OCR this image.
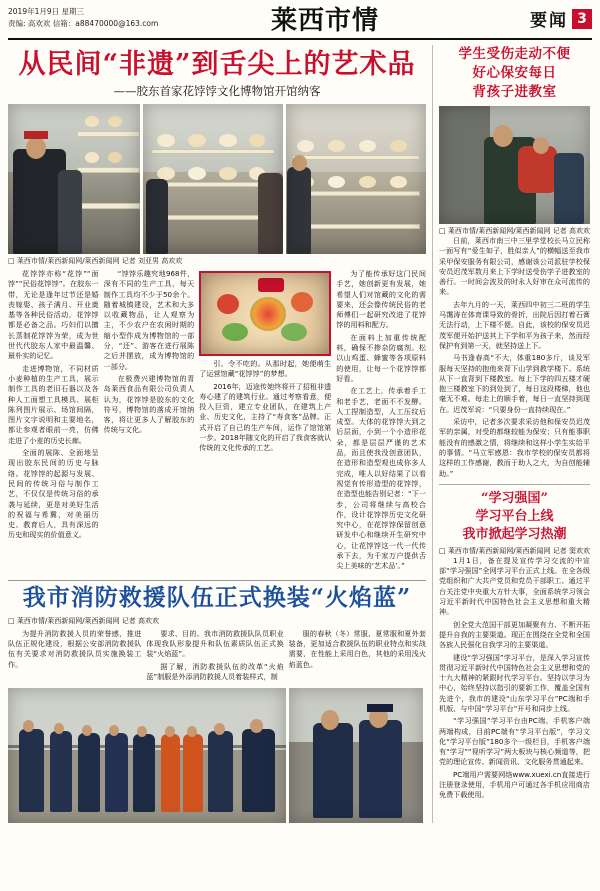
2019年1月9日 星期三
责编: 高欢欢 信箱：a88470000@163.com	莱西市情	要闻 3
从民间“非遗”到舌尖上的艺术品
——胶东首家花饽饽文化博物馆开馆纳客
□ 莱西市情/莱西新闻网/莱西新闻网 记者 刘亚男 高欢欢

花饽饽亦称“花饽”“面饽”“民俗花饽饽”。在胶东一带，无论是逢年过节还是婚丧嫁娶、孩子满月、开业奠基等各种民俗活动，花饽饽都是必备之品。巧妇们以擅长蒸制花饽饽为荣，成为世世代代胶东人家中最温馨、最朴实的记忆。

走进博物馆，不同材质小麦种植的生产工具，展示制作工具的老旧石器以及各种人工面塑工具模具、展柜陈列图片展示、场馆间隔，图片文字说明和主要地名，都让参观者眼前一亮，仿佛走进了小麦的历史长廊。

全面的展陈、全面地呈现出胶东民间的历史与脉络。花饽饽的起源与发展、民间的传统习俗与制作工艺，不仅仅是传统习俗的承袭与延续，更是对美好生活的祝福与希冀，对美丽历史、教育后人，具有深远的历史和现实的价值意义。

“饽饽乐趣究地968件，深有不同的生产工具，每天制作工具均不少于50余个。随着城镇建设，艺术和大多以收藏物品，让人观察为主，不少农户在农闲时期的缩小型作成为博物馆的一部分，“还”、游客在进行展陈之后并摆放，成为博物馆的一部分。

在极费兴建博物馆的青岛莱西食品有限公司负责人认为，花饽饽是胶东的文化符号，博物馆的落成开馆纳客，将让更多人了解胶东的传统与文化。

引、令不吃的。从那时起，她便萌生了运营馆藏“花饽饽”的梦想。

2016年，迈途传她终将开了招租非遗寿心建了的建筑行业。通过考察看意，便投入巨资，建立专业团队，在建筑上产业、历史文化，主持了“寿食客”品牌。正式开启了自己的生产车间，运作了馆馆第一步。2018年随文化的开启了我食客就认传统的文化传承的工艺。

为了能传承好这门民间手艺，她创新更有发展，她希望人们对馆藏的文化的需要来，还会像传统民俗的老师傅们一起研究改进了花饽饽的用料和配方。

在面料上加重传统配料，确保不掺杂防腐剂。松以山鸡蛋、蜂蜜等各项原料的使用，让每一个花饽饽都好看。

在工艺上，传承着手工和老手艺，老面不不发酵。人工捏制造型，人工压纹后成型。大体的花饽饽大到之后层面，小到一个小造形花朵，都是层层严谨的艺术品，而且使我没创意团队，在造形和造型观也成你多人完成，唯人以好结果了以看视觉有传形造型的花饽饽，在造型也能告别记者：“下一步，公司将继续与高校合作，设计花饽饽历史文化研究中心，在花饽饽保留创意研发中心和继续开生研究中心，让花饽饽这一代一代传承下去，为千家万户提供舌尖上美味的‘艺术品’。”

我市消防救援队伍正式换装“火焰蓝”
□ 莱西市情/莱西新闻网/莱西新闻网 记者 高欢欢

为提升消防救援人员的荣誉感，推进队伍正规化建设，根据公安部消防救援队伍有关要求对消防救援队员实施换装工作。

要求、目的。我市消防救援队队员职业体现我队形象提升和队伍素质队伍正式换装“火焰蓝”。

据了解，消防救援队伍的改革“火焰蓝”制服是外添消防救援人员着装样式，制

服的春秋（冬）常服、夏常服和夏外套装备，更加适合救援队伍的职业特点和实战需要，在性能上采用白色，其他的采用浅火焰蓝色。

学生受伤走动不便
好心保安每日
背孩子进教室
□ 莱西市情/莱西新闻网/莱西新闻网 记者 高欢欢

日前，莱西市南三中三里学堂校长马立民称一面写有“爱生如子，胜似亲人”的横幅送至我市采甲保安服务有限公司，感谢该公司派驻学校保安员迟茂军数月来上下学时送受伤学子进教室的善行。一时间会波及的时永人好审在众可流传的来。

去年九月的一天，莱西四中初三二班的学生马霭涛在体育课导致的骨折，出院后因打着石膏无法行动，上下楼不便。自此，该校的保安员迟茂军便开始护送其上下学和平为孩子来，然而经保护有到第一天，就坚持送上下。

马书逢春高“不大，体重180多斤，谈及军服每天坚持的抱他来背下山学到教学楼下。系统从下一直背到下楼教室。每上下学的四五楼才硬抱三楼教室下的到处到了，每日这段楼梯，他也毫无不难。每走上的顺手着，每日一直坚持到现在。迟茂军说：“只要身份一直持续现在。”

采访中，记者多次要求采访他和保安员迟茂军的亲属，对受的都继较能为保安；只有能事职能没有的感激之情，将继续和这样小学生实给平的事情。“马立军感恩：我市学校的保安员都将这样的工作感谢，教而于助人之大，为自创能辅助。”

“学习强国”
学习平台上线
我市掀起学习热潮
□ 莱西市情/莱西新闻网/莱西新闻网 记者 窦欢欢

1月1日，备在提及宣传学习交流的中宣部“学习强国”全网学习平台正式上线。在全各级党组织和广大共产党员和党员干部职工、通过平台关注党中央重大方针大事，全面系统学习领会习近平新时代中国特色社会主义思想和重大精神。

创全党大范国干部更加凝聚有力、不断开拓提升自我的主要渠道。现正在围绕在全党和全国各族人民强化自我学习的主要渠道。

建设“学习强国”学习平台，是深入学习宣传贯彻习近平新时代中国特色社会主义思想和党的十九大精神的紧跟时代学习平台。坚持以学习为中心，始终坚持以指引的要新工作，覆盖全国有先进个，我市的建设“山东学习平台”PC端和手机版、与中国“学习平台”开号和同步上线。

“学习强国”学习平台由PC端、手机客户端两端构成，目前PC端有“学习平台版”，学习文化“学习平台版”180多个一级栏目，手机客户端有“学习”“视听学习”两大板块与核心频道等，把党的理论宣传、新闻资讯、文化服务贯通起来。

PC端用户需要网络www.xuexi.cn直接进行注册登录使用，手机用户可通过各手机应用商店免费下载使用。
